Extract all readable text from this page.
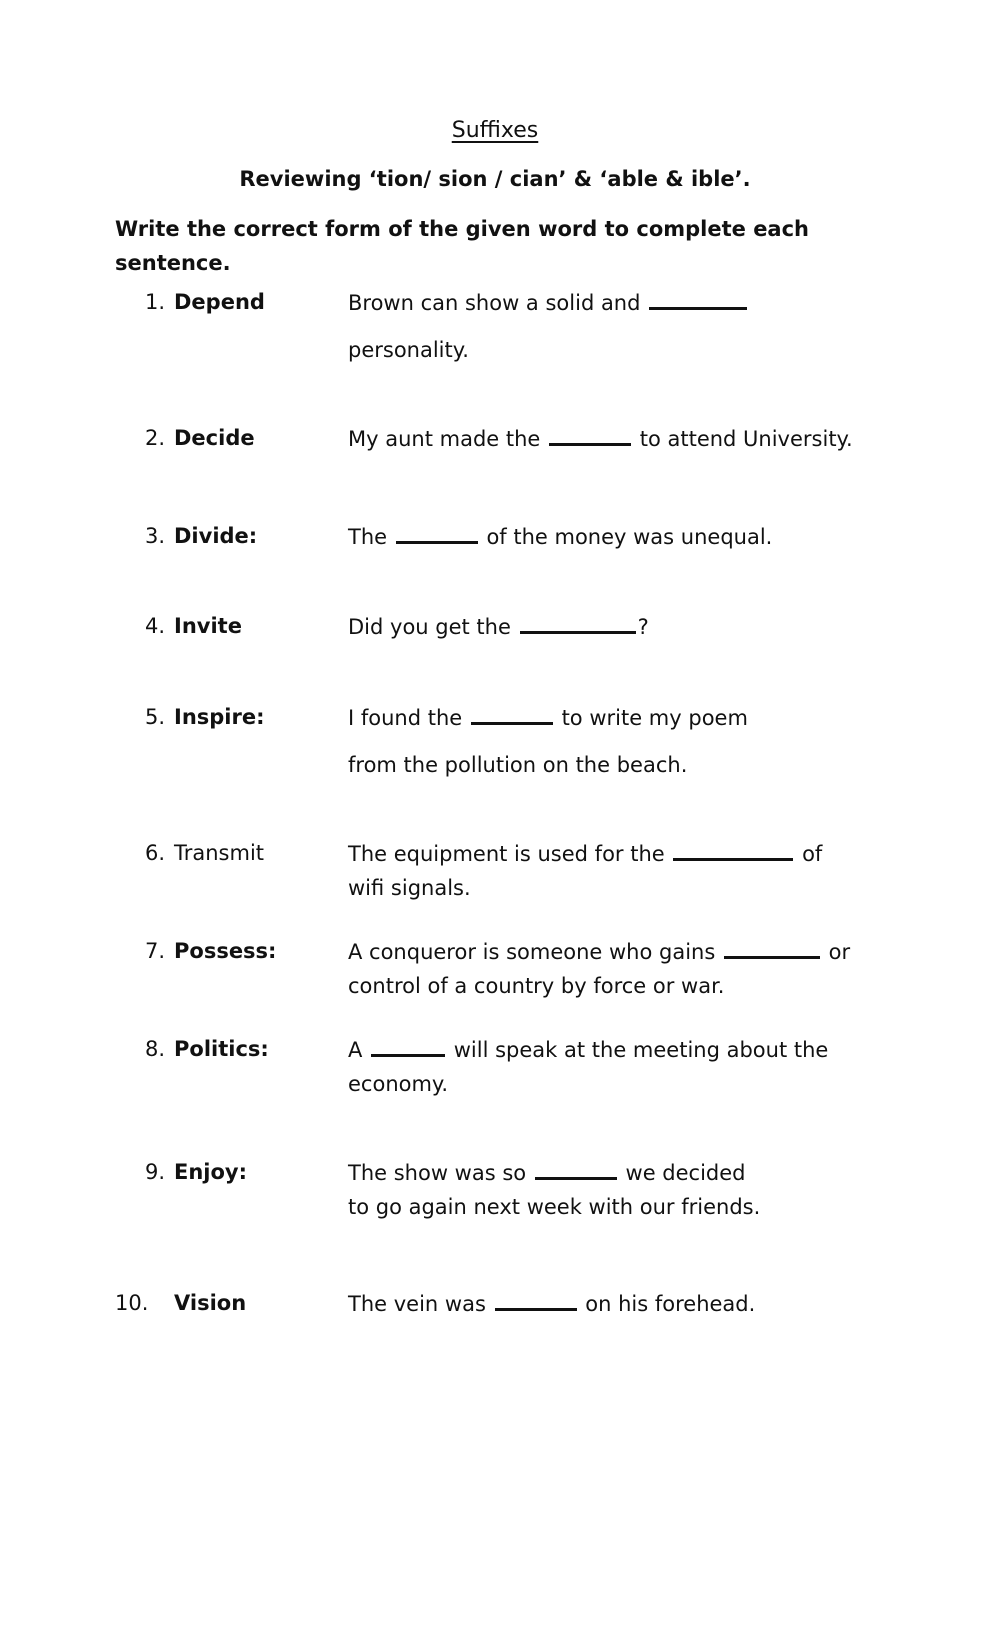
Suffixes
Reviewing ‘tion/ sion / cian’ & ‘able & ible’.

Write the correct form of the given word to complete each sentence.

1. Depend	Brown can show a solid and
personality.

2. Decide	My aunt made the	to attend University.

3. Divide:	The	of the money was unequal.

4. Invite	Did you get the	?

5. Inspire:	I found the	to write my poem
from the pollution on the beach.

6. Transmit	The equipment is used for the	of
wifi signals.

7. Possess:	A conqueror is someone who gains	or
control of a country by force or war.

8. Politics:	A	will speak at the meeting about the
economy.

9. Enjoy:	The show was so	we decided
to go again next week with our friends.

10. Vision	The vein was	on his forehead.
